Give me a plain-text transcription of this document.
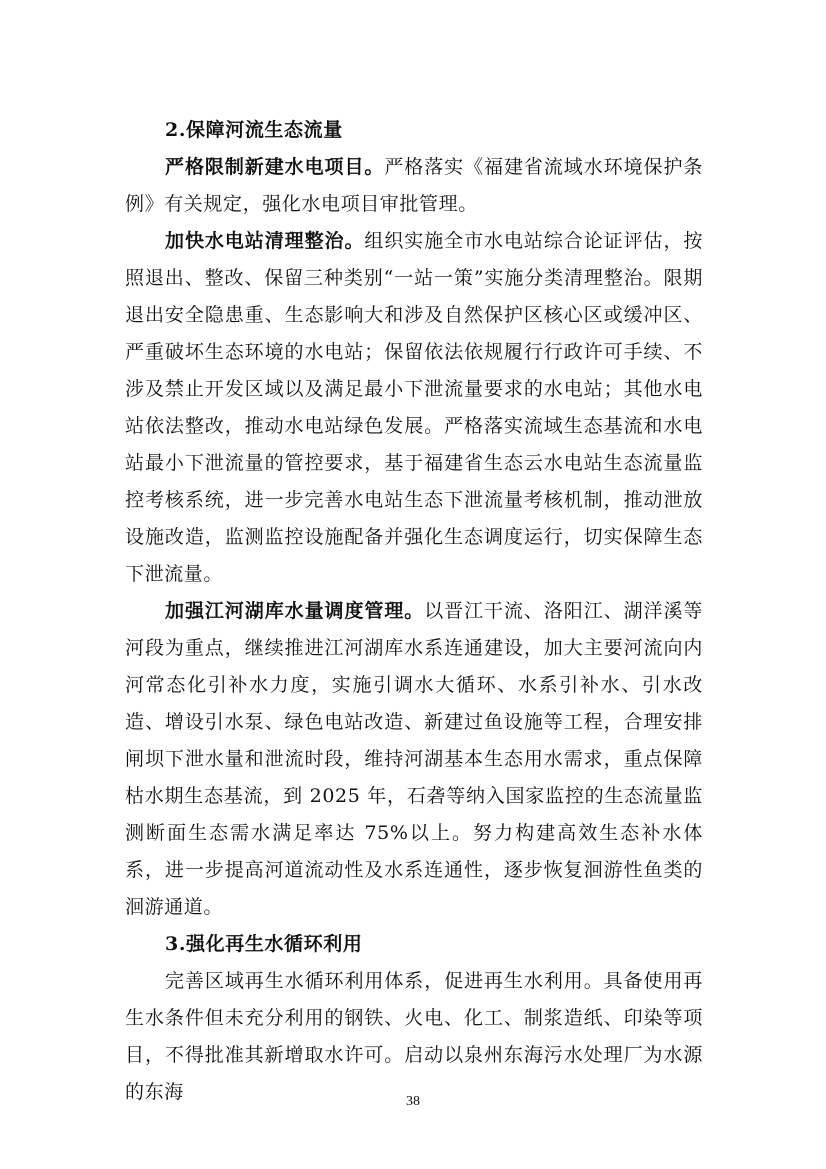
2.保障河流生态流量

严格限制新建水电项目。严格落实《福建省流域水环境保护条例》有关规定，强化水电项目审批管理。

加快水电站清理整治。组织实施全市水电站综合论证评估，按照退出、整改、保留三种类别“一站一策”实施分类清理整治。限期退出安全隐患重、生态影响大和涉及自然保护区核心区或缓冲区、严重破坏生态环境的水电站；保留依法依规履行行政许可手续、不涉及禁止开发区域以及满足最小下泄流量要求的水电站；其他水电站依法整改，推动水电站绿色发展。严格落实流域生态基流和水电站最小下泄流量的管控要求，基于福建省生态云水电站生态流量监控考核系统，进一步完善水电站生态下泄流量考核机制，推动泄放设施改造，监测监控设施配备并强化生态调度运行，切实保障生态下泄流量。

加强江河湖库水量调度管理。以晋江干流、洛阳江、湖洋溪等河段为重点，继续推进江河湖库水系连通建设，加大主要河流向内河常态化引补水力度，实施引调水大循环、水系引补水、引水改造、增设引水泵、绿色电站改造、新建过鱼设施等工程，合理安排闸坝下泄水量和泄流时段，维持河湖基本生态用水需求，重点保障枯水期生态基流，到 2025 年，石砻等纳入国家监控的生态流量监测断面生态需水满足率达 75%以上。努力构建高效生态补水体系，进一步提高河道流动性及水系连通性，逐步恢复洄游性鱼类的洄游通道。

3.强化再生水循环利用

完善区域再生水循环利用体系，促进再生水利用。具备使用再生水条件但未充分利用的钢铁、火电、化工、制浆造纸、印染等项目，不得批准其新增取水许可。启动以泉州东海污水处理厂为水源的东海	38
